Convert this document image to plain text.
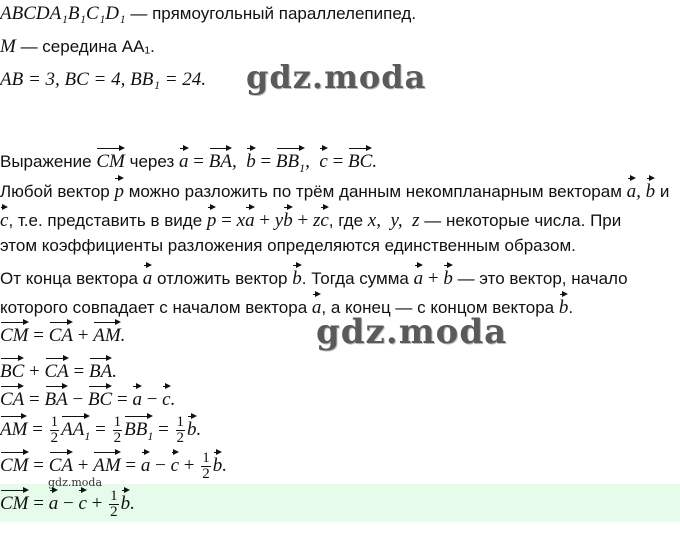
ABCDA₁B₁C₁D₁ — прямоугольный параллелепипед.
M — середина AA₁.
AB = 3, BC = 4, BB₁ = 24. gdz.moda
Выражение CM через a = BA,  $b = BB_1$,  c = BC.
Любой вектор p можно разложить по трём данным некомпланарным векторам a, b и
c, т.е. представить в виде p = xa + yb + zc, где x,  y,  z — некоторые числа. При
этом коэффициенты разложения определяются единственным образом.
От конца вектора a отложить вектор b. Тогда сумма a + b — это вектор, начало
которого совпадает с началом вектора a, а конец — с концом вектора b.
gdz.moda
CM = CA + AM.
BC + CA = BA.
CA = BA − BC = a − c.
AM = $\frac{1}{2} AA_1 = \frac{1}{2} BB_1 = \frac{1}{2} b$.
CM = CA + AM = $a - c + \frac{1}{2} b$.
gdz.moda
CM = $a - c + \frac{1}{2} b$.
